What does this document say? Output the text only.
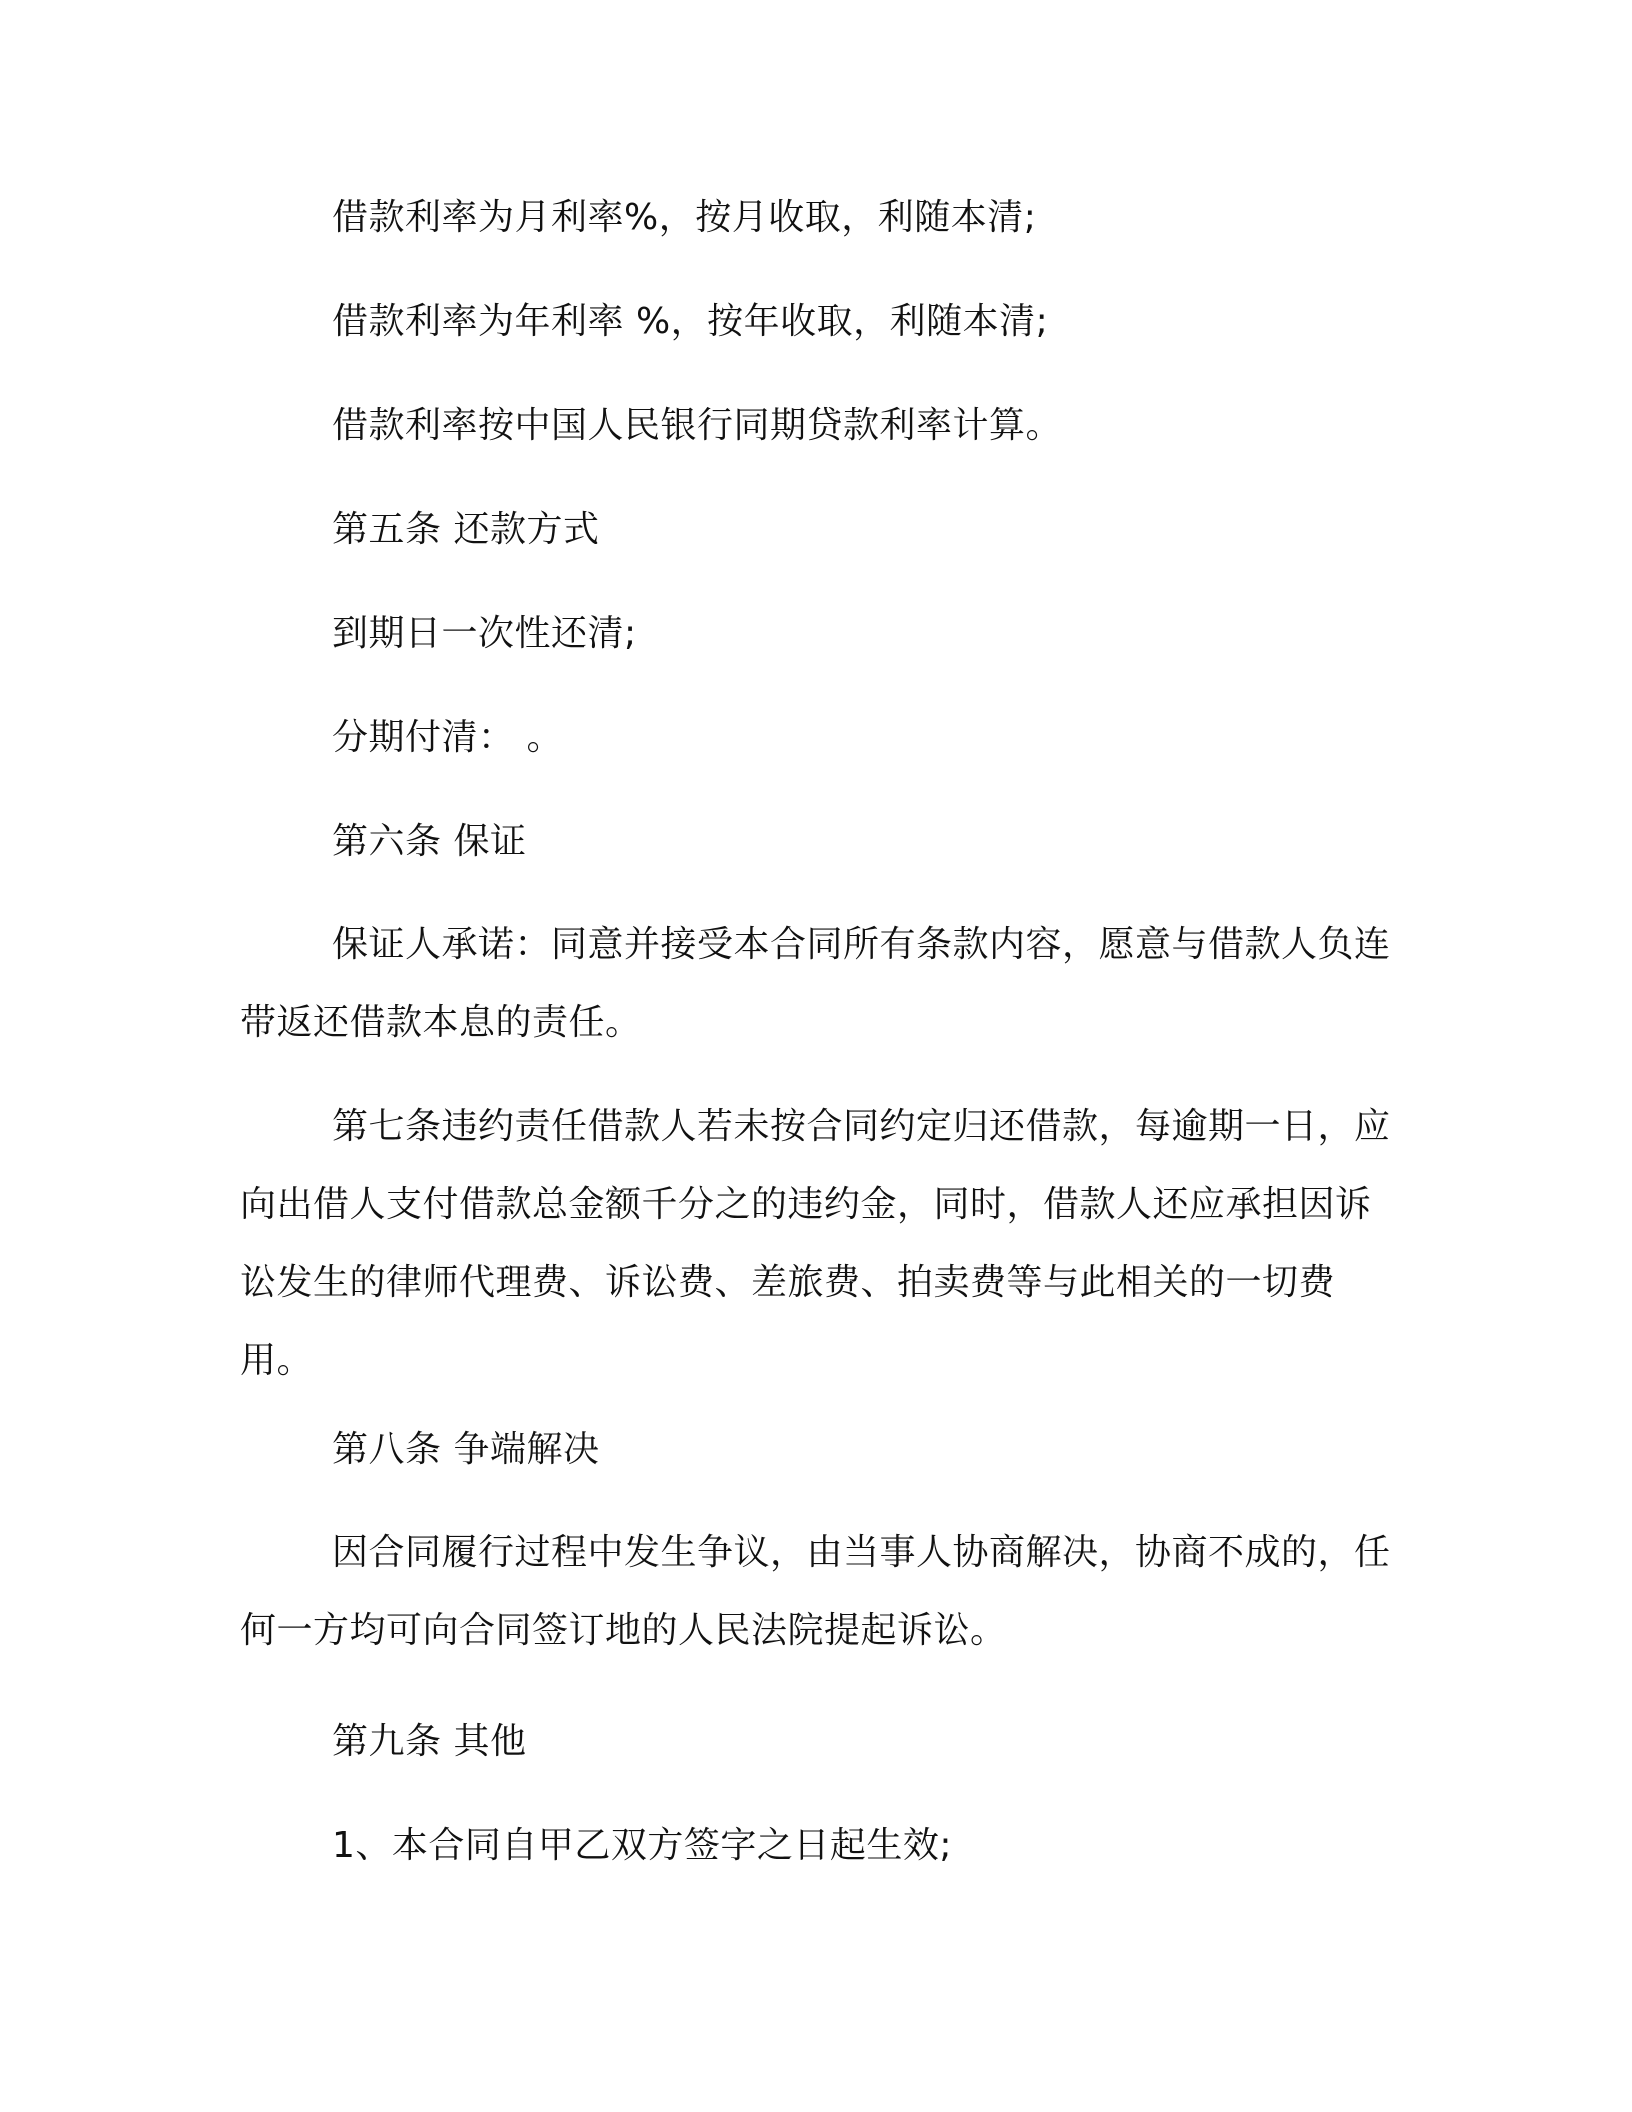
借款利率为月利率%，按月收取，利随本清;
借款利率为年利率 %，按年收取，利随本清;
借款利率按中国人民银行同期贷款利率计算。
第五条 还款方式
到期日一次性还清;
分期付清： 。
第六条 保证
保证人承诺：同意并接受本合同所有条款内容，愿意与借款人负连带返还借款本息的责任。
第七条违约责任借款人若未按合同约定归还借款，每逾期一日，应向出借人支付借款总金额千分之的违约金，同时，借款人还应承担因诉讼发生的律师代理费、诉讼费、差旅费、拍卖费等与此相关的一切费用。
第八条 争端解决
因合同履行过程中发生争议，由当事人协商解决，协商不成的，任何一方均可向合同签订地的人民法院提起诉讼。
第九条 其他
1、本合同自甲乙双方签字之日起生效;
